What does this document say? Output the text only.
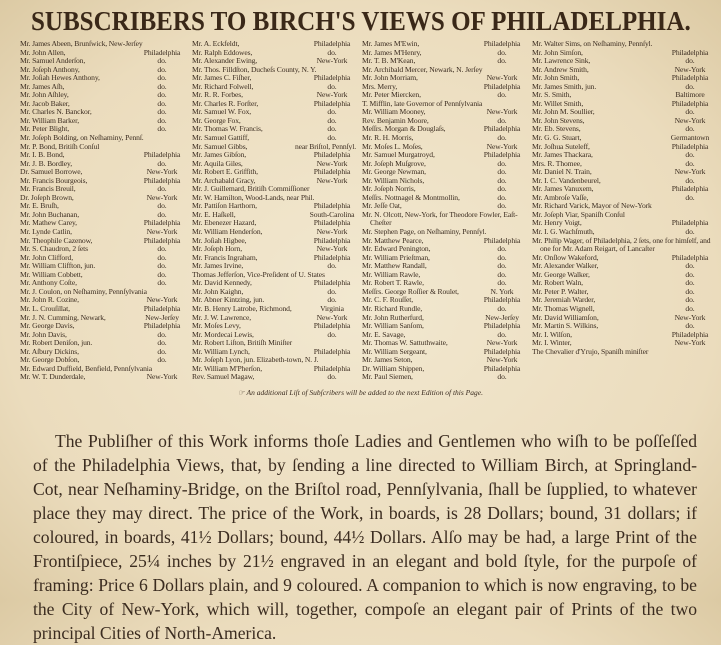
SUBSCRIBERS TO BIRCH'S VIEWS OF PHILADELPHIA.
Mr. James Abeen, Brunſwick, New-Jerſey
Mr. John Allen,	Philadelphia
Mr. Samuel Anderſon,	do.
Mr. Joſeph Anthony,	do.
Mr. Joſiah Hewes Anthony,	do.
Mr. James Aſh,	do.
Mr. John Aſhley,	do.
Mr. Jacob Baker,	do.
Mr. Charles N. Banckor,	do.
Mr. William Barker,	do.
Mr. Peter Blight,	do.
Mr. Joſeph Bolding, on Neſhaminy, Pennſ.
Mr. P. Bond, Britiſh Conſul
Mr. I. B. Bond,	Philadelphia
Mr. J. B. Bordley,	do.
Dr. Samuel Borrowe,	New-York
Mr. Francis Bourgeois,	Philadelphia
Mr. Francis Breuil,	do.
Dr. Joſeph Brown,	New-York
Mr. E. Bruſh,	do.
Mr. John Buchanan,	do.
Mr. Mathew Carey,	Philadelphia
Mr. Lynde Catlin,	New-York
Mr. Theophile Cazenow,	Philadelphia
Mr. S. Chaudron, 2 ſets	do.
Mr. John Clifford,	do.
Mr. William Cliffton, jun.	do.
Mr. William Cobbett,	do.
Mr. Anthony Coſte,	do.
Mr. J. Coulon, on Neſhaminy, Pennſylvania
Mr. John R. Cozine,	New-York
Mr. L. Crouſillat,	Philadelphia
Mr. J. N. Cumming, Newark,	New-Jerſey
Mr. George Davis,	Philadelphia
Mr. John Davis,	do.
Mr. Robert Deniſon, jun.	do.
Mr. Aſbury Dickins,	do.
Mr. George Dobſon,	do.
Mr. Edward Duffield, Benfield, Pennſylvania
Mr. W. T. Dunderdale,	New-York
Mr. A. Eckfeldt,	Philadelphia
Mr. Ralph Eddowes,	do.
Mr. Alexander Ewing,	New-York
Mr. Thos. Filldſton, Ducheſs County, N. Y.
Mr. James C. Fiſher,	Philadelphia
Mr. Richard Folwell,	do.
Mr. R. R. Forbes,	New-York
Mr. Charles R. Forſter,	Philadelphia
Mr. Samuel W. Fox,	do.
Mr. George Fox,	do.
Mr. Thomas W. Francis,	do.
Mr. Samuel Gattiff,	do.
Mr. Samuel Gibbs,	near Briſtol, Pennſyl.
Mr. James Gibſon,	Philadelphia
Mr. Aquila Giles,	New-York
Mr. Robert E. Griffith,	Philadelphia
Mr. Archabald Gracy,	New-York
Mr. J. Guillemard, Britiſh Commiſſioner
Mr. W. Hamilton, Wood-Lands, near Phil.
Mr. Pattiſon Harthorn,	Philadelphia
Mr. E. Haſkell,	South-Carolina
Mr. Ebenezer Hazard,	Philadelphia
Mr. William Henderſon,	New-York
Mr. Joſiah Higbee,	Philadelphia
Mr. Joſeph Horn,	New-York
Mr. Francis Ingraham,	Philadelphia
Mr. James Irvine,	do.
Thomas Jefferſon, Vice-Preſident of U. States
Mr. David Kennedy,	Philadelphia
Mr. John Kaighn,	do.
Mr. Abner Kintzing, jun.	do.
Mr. B. Henry Latrobe, Richmond,	Virginia
Mr. J. W. Lawrence,	New-York
Mr. Moſes Levy,	Philadelphia
Mr. Mordecai Lewis,	do.
Mr. Robert Liſton, Britiſh Miniſter
Mr. William Lynch,	Philadelphia
Mr. Joſeph Lyon, jun. Elizabeth-town, N. J.
Mr. William M'Pherſon,	Philadelphia
Rev. Samuel Magaw,	do.
Mr. James M'Ewin,	Philadelphia
Mr. James M'Henry,	do.
Mr. T. B. M'Kean,	do.
Mr. Archibald Mercer, Newark, N. Jerſey
Mr. John Morriam,	New-York
Mrs. Merry,	Philadelphia
Mr. Peter Miercken,	do.
T. Mifflin, late Governor of Pennſylvania
Mr. William Mooney,	New-York
Rev. Benjamin Moore,	do.
Meſſrs. Morgan & Douglaſs,	Philadelphia
Mr. R. H. Morris,	do.
Mr. Moſes L. Moſes,	New-York
Mr. Samuel Murgatroyd,	Philadelphia
Mr. Joſeph Muſgrove,	do.
Mr. George Newman,	do.
Mr. William Nichols,	do.
Mr. Joſeph Norris,	do.
Meſſrs. Nottnagel & Montmollin,	do.
Mr. Jeſſe Oat,	do.
Mr. N. Olcott, New-York, for Theodore Fowler, Eaſt-Cheſter
Mr. Stephen Page, on Neſhaminy, Pennſyl.
Mr. Matthew Pearce,	Philadelphia
Mr. Edward Penington,	do.
Mr. William Prieſtman,	do.
Mr. Matthew Randall,	do.
Mr. William Rawle,	do.
Mr. Robert T. Rawle,	do.
Meſſrs. George Roſſier & Roulet,	N. York
Mr. C. F. Rouſſet,	Philadelphia
Mr. Richard Rundle,	do.
Mr. John Rutherfurd,	New-Jerſey
Mr. William Sanſom,	Philadelphia
Mr. E. Savage,	do.
Mr. Thomas W. Sattuthwaite,	New-York
Mr. William Sergeant,	Philadelphia
Mr. James Seton,	New-York
Dr. William Shippen,	Philadelphia
Mr. Paul Siemen,	do.
Mr. Walter Sims, on Neſhaminy, Pennſyl.
Mr. John Simſon,	Philadelphia
Mr. Lawrence Sink,	do.
Mr. Andrew Smith,	New-York
Mr. John Smith,	Philadelphia
Mr. James Smith, jun.	do.
Mr. S. Smith,	Baltimore
Mr. Willet Smith,	Philadelphia
Mr. John M. Soullier,	do.
Mr. John Stevens,	New-York
Mr. Eb. Stevens,	do.
Mr. G. G. Stuart,	Germantown
Mr. Joſhua Suteleff,	Philadelphia
Mr. James Thackara,	do.
Mrs. R. Thomee,	do.
Mr. Daniel N. Train,	New-York
Mr. I. C. Vandenbeurel,	do.
Mr. James Vanuxem,	Philadelphia
Mr. Ambroſe Vaſſe,	do.
Mr. Richard Varick, Mayor of New-York
Mr. Joſeph Viar, Spaniſh Conſul
Mr. Henry Voigt,	Philadelphia
Mr. I. G. Wachſmuth,	do.
Mr. Philip Wager, of Philadelphia, 2 ſets, one for himſelf, and one for Mr. Adam Reigart, of Lancaſter
Mr. Onſlow Wakeford,	Philadelphia
Mr. Alexander Walker,	do.
Mr. George Walker,	do.
Mr. Robert Waln,	do.
Mr. Peter P. Walter,	do.
Mr. Jeremiah Warder,	do.
Mr. Thomas Wignell,	do.
Mr. David Williamſon,	New-York
Mr. Martin S. Wilkins,	do.
Mr. I. Wilſon,	Philadelphia
Mr. I. Winter,	New-York
The Chevalier d'Yrujo, Spaniſh miniſter
☞ An additional Liſt of Subſcribers will be added to the next Edition of this Page.
The Publiſher of this Work informs thoſe Ladies and Gentlemen who wiſh to be poſſeſſed of the Philadelphia Views, that, by ſending a line directed to William Birch, at Springland-Cot, near Neſhaminy-Bridge, on the Briſtol road, Pennſylvania, ſhall be ſupplied, to whatever place they may direct. The price of the Work, in boards, is 28 Dollars; bound, 31 dollars; if coloured, in boards, 41½ Dollars; bound, 44½ Dollars. Alſo may be had, a large Print of the Frontiſpiece, 25¼ inches by 21½ engraved in an elegant and bold ſtyle, for the purpoſe of framing: Price 6 Dollars plain, and 9 coloured. A companion to which is now engraving, to be the City of New-York, which will, together, compoſe an elegant pair of Prints of the two principal Cities of North-America.
